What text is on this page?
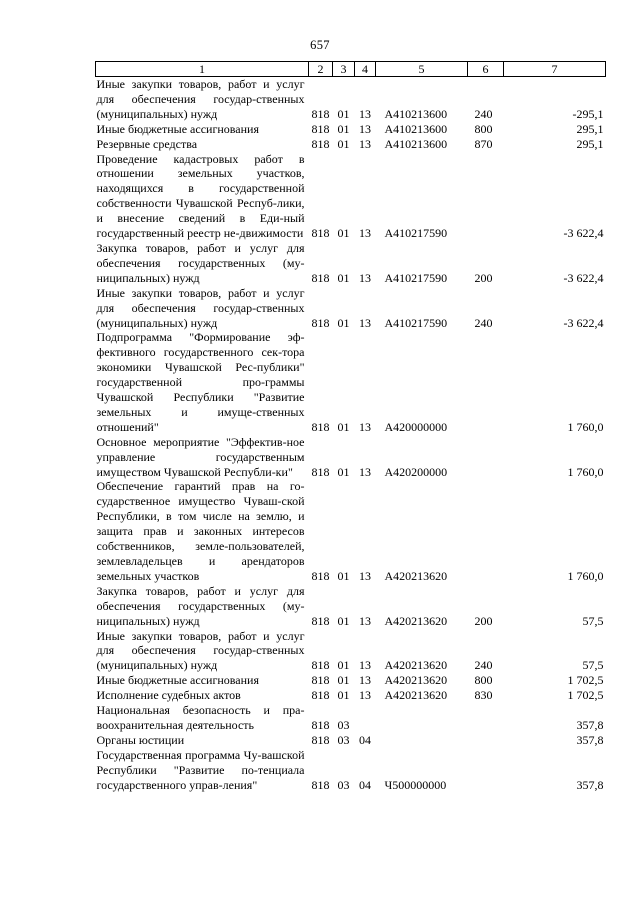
657
1	2	3	4	5	6	7
Иные закупки товаров, работ и услуг для обеспечения государ-ственных (муниципальных) нужд	818	01	13	А410213600	240	-295,1
Иные бюджетные ассигнования	818	01	13	А410213600	800	295,1
Резервные средства	818	01	13	А410213600	870	295,1
Проведение кадастровых работ в отношении земельных участков, находящихся в государственной собственности Чувашской Респуб-лики, и внесение сведений в Еди-ный государственный реестр не-движимости	818	01	13	А410217590		-3 622,4
Закупка товаров, работ и услуг для обеспечения государственных (му-ниципальных) нужд	818	01	13	А410217590	200	-3 622,4
Иные закупки товаров, работ и услуг для обеспечения государ-ственных (муниципальных) нужд	818	01	13	А410217590	240	-3 622,4
Подпрограмма "Формирование эф-фективного государственного сек-тора экономики Чувашской Рес-публики" государственной про-граммы Чувашской Республики "Развитие земельных и имуще-ственных отношений"	818	01	13	А420000000		1 760,0
Основное мероприятие "Эффектив-ное управление государственным имуществом Чувашской Республи-ки"	818	01	13	А420200000		1 760,0
Обеспечение гарантий прав на го-сударственное имущество Чуваш-ской Республики, в том числе на землю, и защита прав и законных интересов собственников, земле-пользователей, землевладельцев и арендаторов земельных участков	818	01	13	А420213620		1 760,0
Закупка товаров, работ и услуг для обеспечения государственных (му-ниципальных) нужд	818	01	13	А420213620	200	57,5
Иные закупки товаров, работ и услуг для обеспечения государ-ственных (муниципальных) нужд	818	01	13	А420213620	240	57,5
Иные бюджетные ассигнования	818	01	13	А420213620	800	1 702,5
Исполнение судебных актов	818	01	13	А420213620	830	1 702,5
Национальная безопасность и пра-воохранительная деятельность	818	03				357,8
Органы юстиции	818	03	04			357,8
Государственная программа Чу-вашской Республики "Развитие по-тенциала государственного управ-ления"	818	03	04	Ч500000000		357,8
